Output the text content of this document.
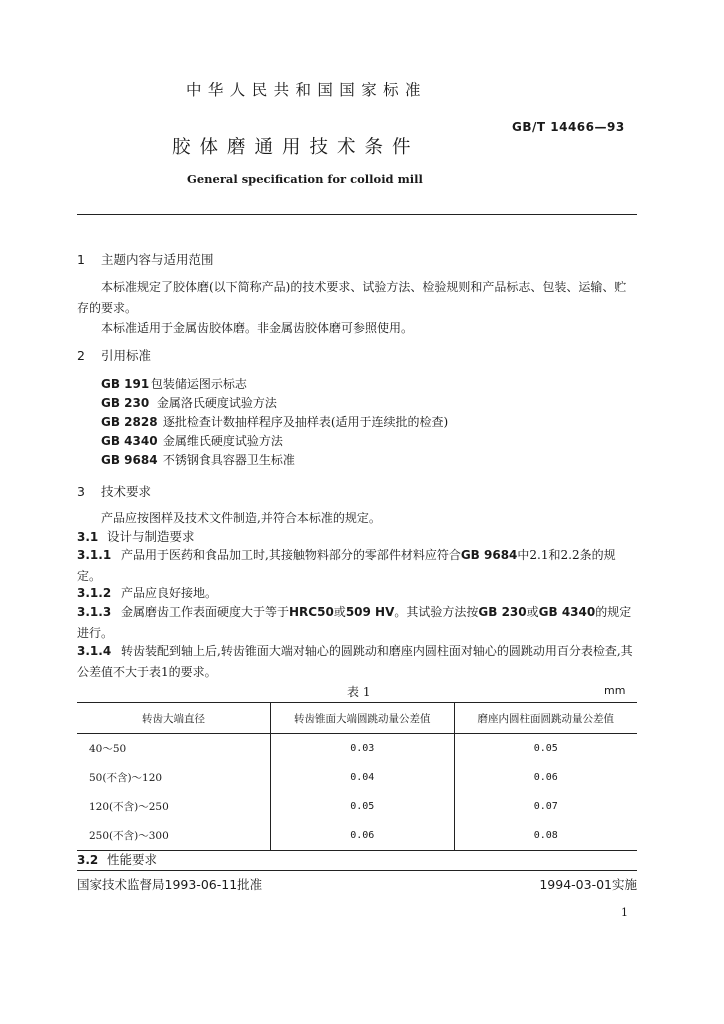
中华人民共和国国家标准
GB/T 14466—93
胶体磨通用技术条件
General specification for colloid mill
1 主题内容与适用范围
本标准规定了胶体磨(以下简称产品)的技术要求、试验方法、检验规则和产品标志、包装、运输、贮存的要求。
本标准适用于金属齿胶体磨。非金属齿胶体磨可参照使用。
2 引用标准
GB 191 包装储运图示标志
GB 230 金属洛氏硬度试验方法
GB 2828 逐批检查计数抽样程序及抽样表(适用于连续批的检查)
GB 4340 金属维氏硬度试验方法
GB 9684 不锈钢食具容器卫生标准
3 技术要求
产品应按图样及技术文件制造,并符合本标准的规定。
3.1 设计与制造要求
3.1.1 产品用于医药和食品加工时,其接触物料部分的零部件材料应符合GB 9684中2.1和2.2条的规定。
3.1.2 产品应良好接地。
3.1.3 金属磨齿工作表面硬度大于等于HRC50或509 HV。其试验方法按GB 230或GB 4340的规定进行。
3.1.4 转齿装配到轴上后,转齿锥面大端对轴心的圆跳动和磨座内圆柱面对轴心的圆跳动用百分表检查,其公差值不大于表1的要求。
表 1	mm
转齿大端直径	转齿锥面大端圆跳动量公差值	磨座内圆柱面圆跳动量公差值
40～50	0.03	0.05
50(不含)～120	0.04	0.06
120(不含)～250	0.05	0.07
250(不含)～300	0.06	0.08
3.2 性能要求
国家技术监督局1993-06-11批准	1994-03-01实施
1
